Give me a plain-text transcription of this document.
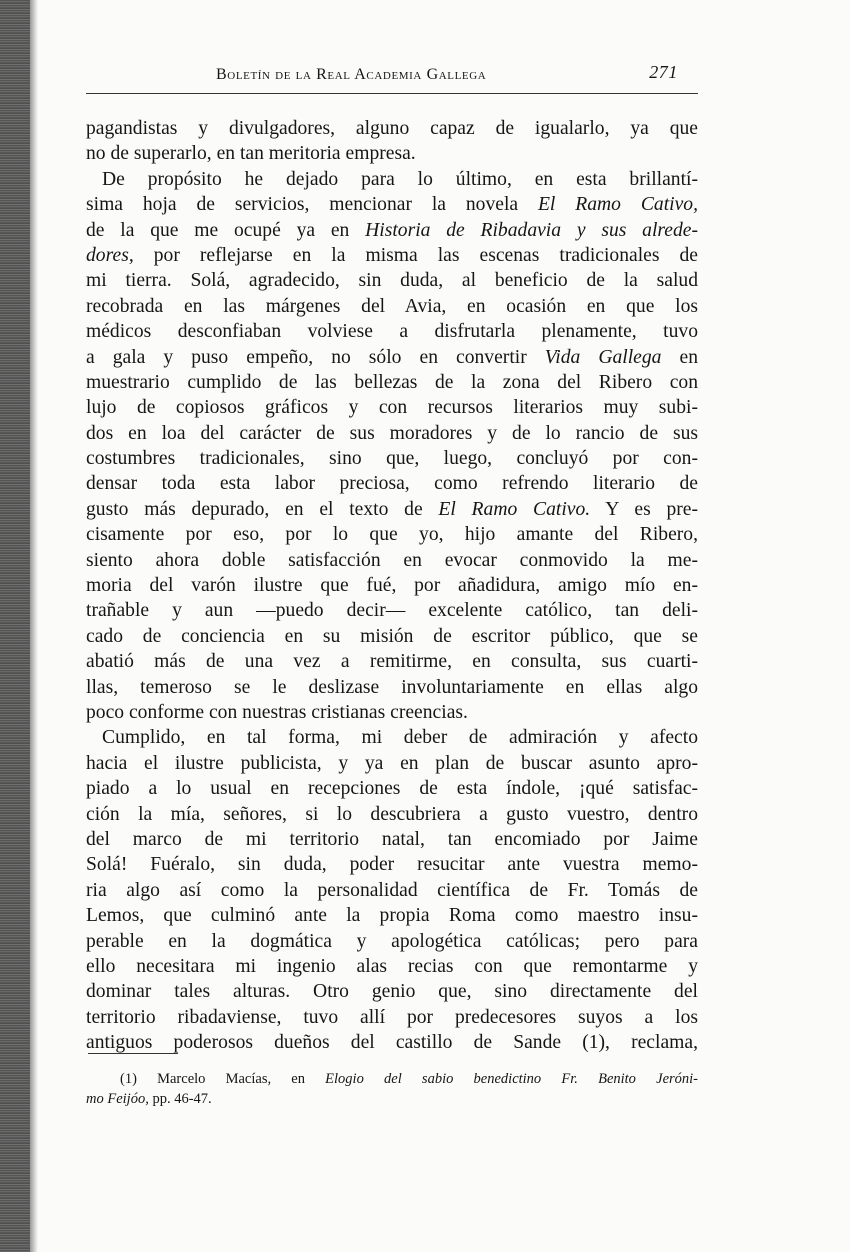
Boletín de la Real Academia Gallega	271
pagandistas y divulgadores, alguno capaz de igualarlo, ya que
no de superarlo, en tan meritoria empresa.
De propósito he dejado para lo último, en esta brillantí-
sima hoja de servicios, mencionar la novela El Ramo Cativo,
de la que me ocupé ya en Historia de Ribadavia y sus alrede-
dores, por reflejarse en la misma las escenas tradicionales de
mi tierra. Solá, agradecido, sin duda, al beneficio de la salud
recobrada en las márgenes del Avia, en ocasión en que los
médicos desconfiaban volviese a disfrutarla plenamente, tuvo
a gala y puso empeño, no sólo en convertir Vida Gallega en
muestrario cumplido de las bellezas de la zona del Ribero con
lujo de copiosos gráficos y con recursos literarios muy subi-
dos en loa del carácter de sus moradores y de lo rancio de sus
costumbres tradicionales, sino que, luego, concluyó por con-
densar toda esta labor preciosa, como refrendo literario de
gusto más depurado, en el texto de El Ramo Cativo. Y es pre-
cisamente por eso, por lo que yo, hijo amante del Ribero,
siento ahora doble satisfacción en evocar conmovido la me-
moria del varón ilustre que fué, por añadidura, amigo mío en-
trañable y aun —puedo decir— excelente católico, tan deli-
cado de conciencia en su misión de escritor público, que se
abatió más de una vez a remitirme, en consulta, sus cuarti-
llas, temeroso se le deslizase involuntariamente en ellas algo
poco conforme con nuestras cristianas creencias.
Cumplido, en tal forma, mi deber de admiración y afecto
hacia el ilustre publicista, y ya en plan de buscar asunto apro-
piado a lo usual en recepciones de esta índole, ¡qué satisfac-
ción la mía, señores, si lo descubriera a gusto vuestro, dentro
del marco de mi territorio natal, tan encomiado por Jaime
Solá! Fuéralo, sin duda, poder resucitar ante vuestra memo-
ria algo así como la personalidad científica de Fr. Tomás de
Lemos, que culminó ante la propia Roma como maestro insu-
perable en la dogmática y apologética católicas; pero para
ello necesitara mi ingenio alas recias con que remontarme y
dominar tales alturas. Otro genio que, sino directamente del
territorio ribadaviense, tuvo allí por predecesores suyos a los
antiguos poderosos dueños del castillo de Sande (1), reclama,
(1) Marcelo Macías, en Elogio del sabio benedictino Fr. Benito Jeróni-
mo Feijóo, pp. 46-47.
